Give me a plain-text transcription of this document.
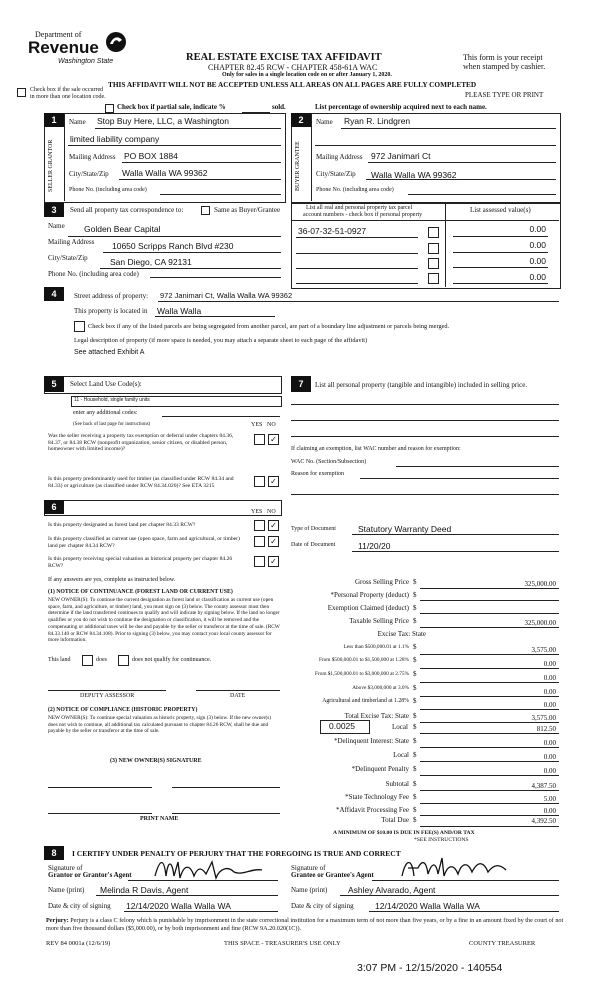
Department of
Revenue
Washington State	REAL ESTATE EXCISE TAX AFFIDAVIT
CHAPTER 82.45 RCW - CHAPTER 458-61A WAC
Only for sales in a single location code on or after January 1, 2020.
This form is your receipt
when stamped by cashier.
THIS AFFIDAVIT WILL NOT BE ACCEPTED UNLESS ALL AREAS ON ALL PAGES ARE FULLY COMPLETED
Check box if the sale occurred
in more than one location code.	PLEASE TYPE OR PRINT
Check box if partial sale, indicate %	sold.	List percentage of ownership acquired next to each name.
1
SELLER GRANTOR
Name Stop Buy Here, LLC, a Washington
limited liability company
Mailing Address PO BOX 1884
City/State/Zip Walla Walla WA 99362
Phone No. (including area code)
2
BUYER GRANTEE
Name Ryan R. Lindgren
Mailing Address 972 Janimari Ct
City/State/Zip Walla Walla WA 99362
Phone No. (including area code)
3	Send all property tax correspondence to:	Same as Buyer/Grantee	List all real and personal property tax parcel
account numbers - check box if personal property
List assessed value(s)
Name Golden Bear Capital
Mailing Address 10650 Scripps Ranch Blvd #230
City/State/Zip	San Diego, CA 92131
Phone No. (including area code)
36-07-32-51-0927	0.00
0.00
0.00
0.00
4	Street address of property: 972 Janimari Ct, Walla Walla WA 99362
This property is located in Walla Walla
Check box if any of the listed parcels are being segregated from another parcel, are part of a boundary line adjustment or parcels being merged.
Legal description of property (if more space is needed, you may attach a separate sheet to each page of the affidavit)
See attached Exhibit A
5	Select Land Use Code(s):
11 - Household, single family units
enter any additional codes:
(See back of last page for instructions)	YES NO
Was the seller receiving a property tax exemption or deferral under chapters 84.36, 84.37, or 84.38 RCW (nonprofit organization, senior citizen, or disabled person, homeowner with limited income)?
✓
Is this property predominantly used for timber (as classified under RCW 84.34 and 84.33) or agriculture (as classified under RCW 84.34.020)? See ETA 3215	✓
6	YES NO
Is this property designated as forest land per chapter 84.33 RCW?	✓
Is this property classified as current use (open space, farm and agricultural, or timber) land per chapter 84.34 RCW?	✓
Is this property receiving special valuation as historical property per chapter 84.26 RCW?	✓
If any answers are yes, complete as instructed below.
(1) NOTICE OF CONTINUANCE (FOREST LAND OR CURRENT USE)
NEW OWNER(S): To continue the current designation as forest land or classification as current use (open space, farm, and agriculture, or timber) land, you must sign on (3) below. The county assessor must then determine if the land transferred continues to qualify and will indicate by signing below. If the land no longer qualifies or you do not wish to continue the designation or classification, it will be removed and the compensating or additional taxes will be due and payable by the seller or transferor at the time of sale. (RCW 84.33.140 or RCW 84.34.108). Prior to signing (3) below, you may contact your local county assessor for more information.
This land	does	does not qualify for continuance.
DEPUTY ASSESSOR	DATE
(2) NOTICE OF COMPLIANCE (HISTORIC PROPERTY)
NEW OWNER(S): To continue special valuation as historic property, sign (3) below. If the new owner(s) does not wish to continue, all additional tax calculated pursuant to chapter 84.26 RCW, shall be due and payable by the seller or transferor at the time of sale.
(3) NEW OWNER(S) SIGNATURE
PRINT NAME
7	List all personal property (tangible and intangible) included in selling price.
If claiming an exemption, list WAC number and reason for exemption:
WAC No. (Section/Subsection)
Reason for exemption
Type of Document	Statutory Warranty Deed
Date of Document	11/20/20
Gross Selling Price $	325,000.00
*Personal Property (deduct) $
Exemption Claimed (deduct) $
Taxable Selling Price $	325,000.00
Excise Tax: State
Less than $500,000.01 at 1.1% $	3,575.00
From $500,000.01 to $1,500,000 at 1.28% $	0.00
From $1,500,000.01 to $3,000,000 at 2.75% $	0.00
Above $3,000,000 at 3.0% $	0.00
Agricultural and timberland at 1.28% $	0.00
Total Excise Tax: State $	3,575.00
0.0025	Local $	812.50
*Delinquent Interest: State $	0.00
Local $	0.00
*Delinquent Penalty $	0.00
Subtotal $	4,387.50
*State Technology Fee $	5.00
*Affidavit Processing Fee $	0.00
Total Due $	4,392.50
A MINIMUM OF $10.00 IS DUE IN FEE(S) AND/OR TAX
*SEE INSTRUCTIONS
8	I CERTIFY UNDER PENALTY OF PERJURY THAT THE FOREGOING IS TRUE AND CORRECT
Signature of
Grantor or Grantor's Agent
Signature of
Grantee or Grantee's Agent
Name (print) Melinda R Davis, Agent	Name (print) Ashley Alvarado, Agent
Date & city of signing 12/14/2020 Walla Walla WA	Date & city of signing	12/14/2020 Walla Walla WA
Perjury: Perjury is a class C felony which is punishable by imprisonment in the state correctional institution for a maximum term of not more than five years, or by a fine in an amount fixed by the court of not more than five thousand dollars ($5,000.00), or by both imprisonment and fine (RCW 9A.20.020(1C)).
REV 84 0001a (12/6/19)	THIS SPACE - TREASURER'S USE ONLY	COUNTY TREASURER
3:07 PM - 12/15/2020 - 140554
